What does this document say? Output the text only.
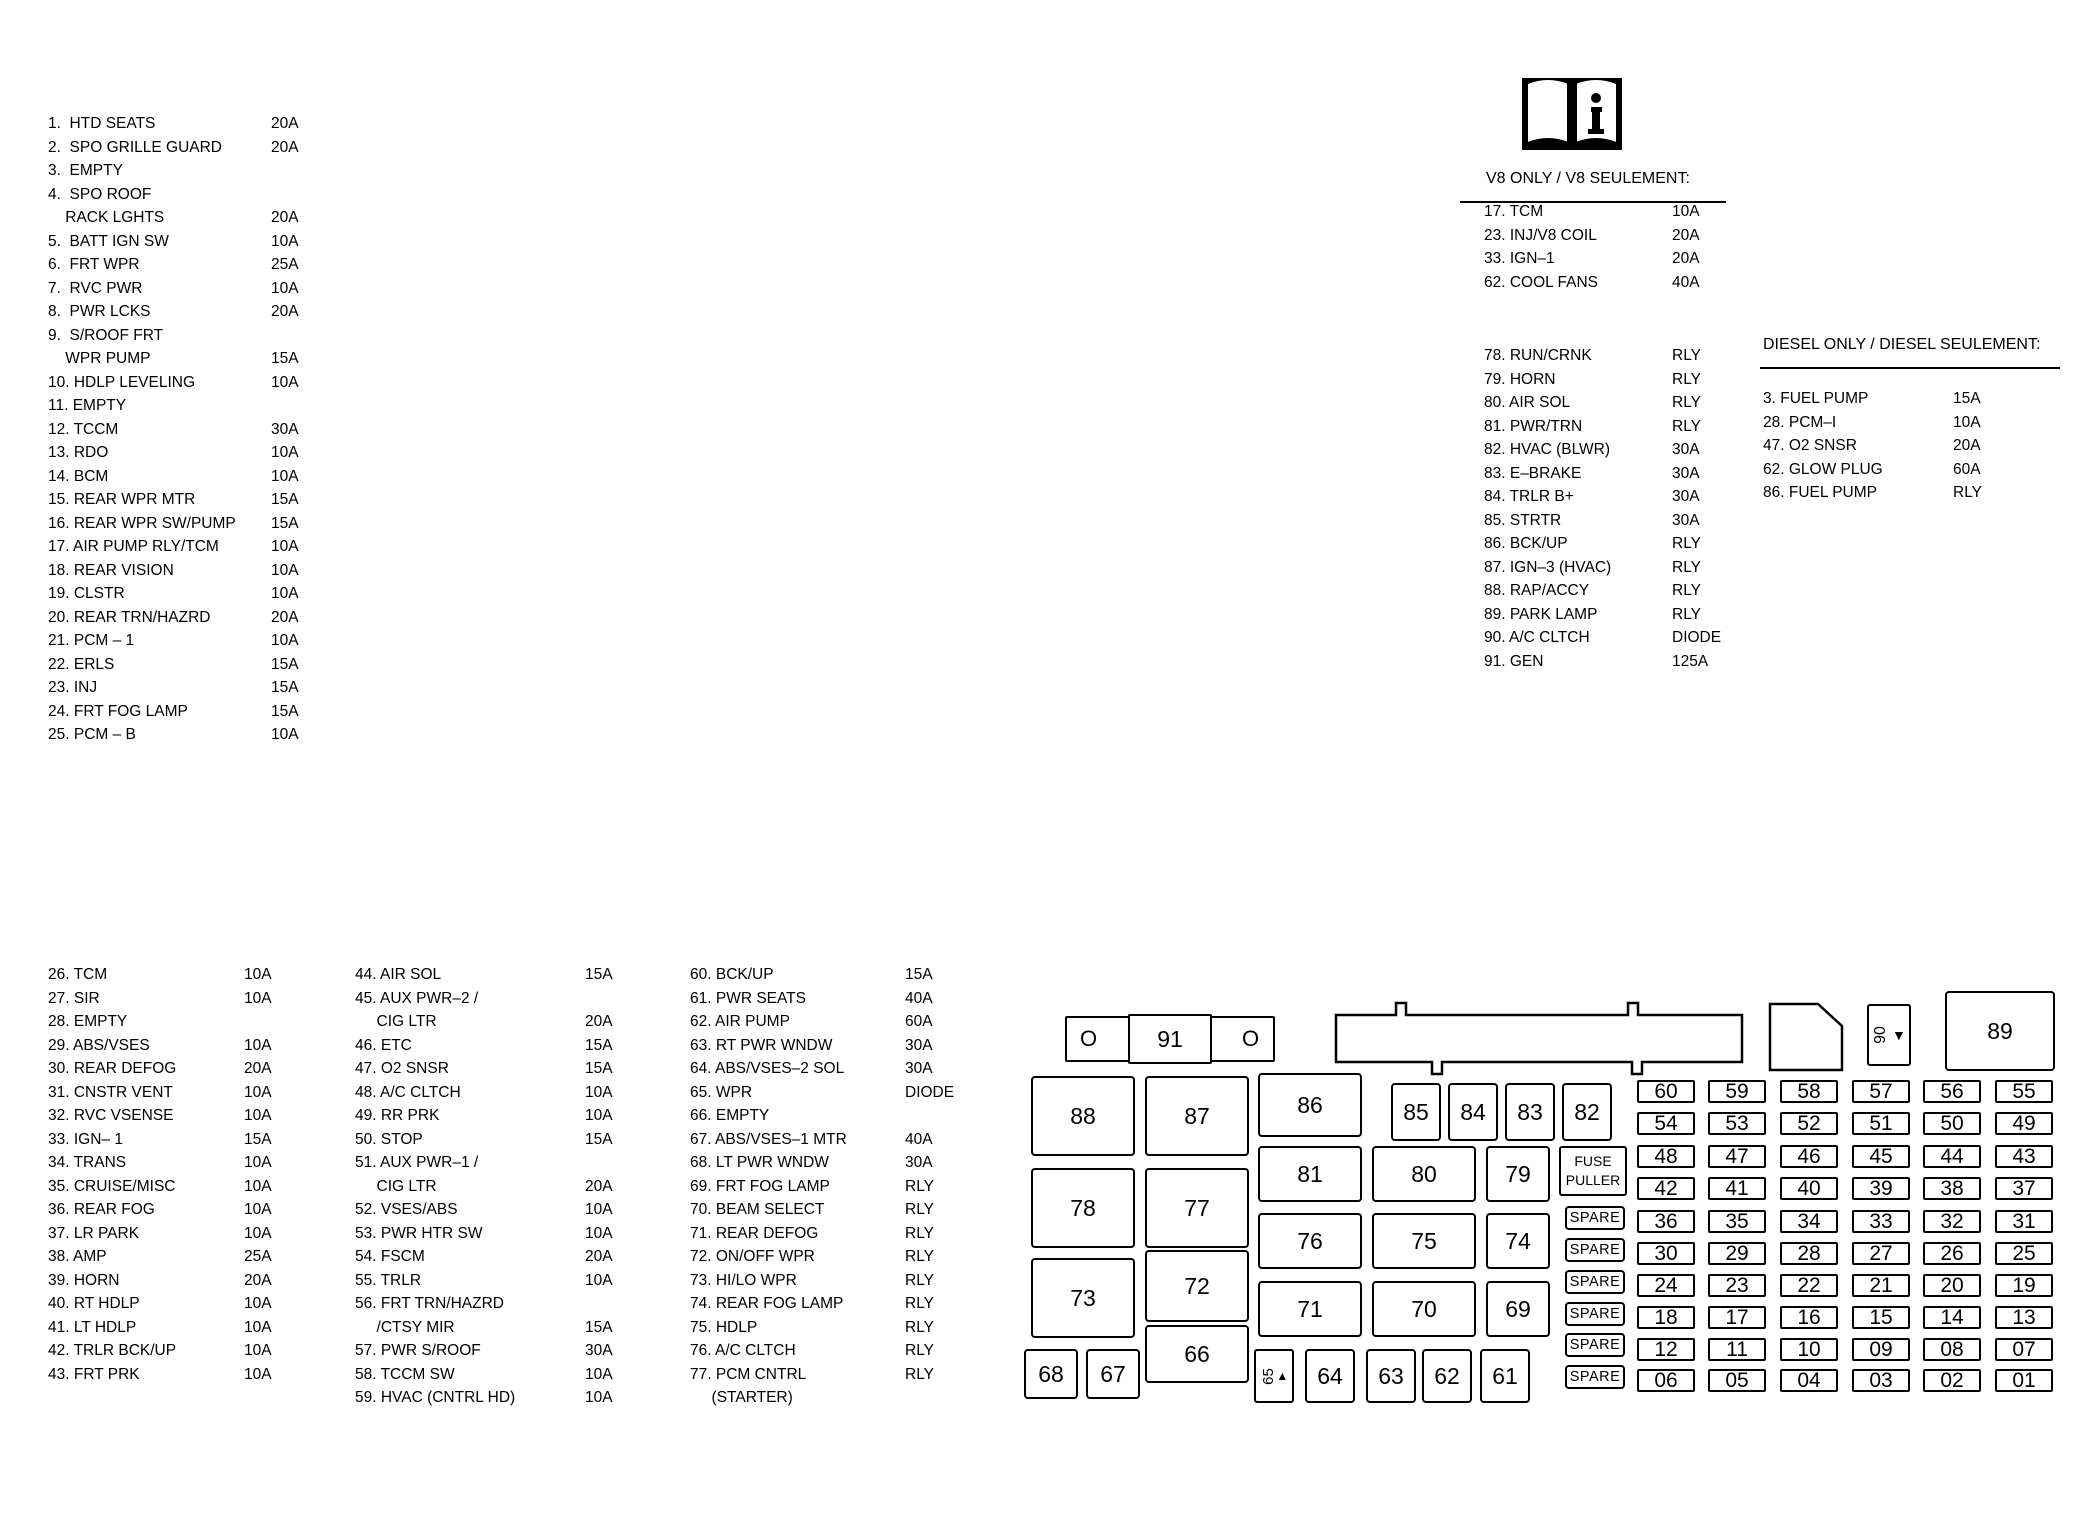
1.  HTD SEATS	20A
2.  SPO GRILLE GUARD	20A
3.  EMPTY
4.  SPO ROOF
RACK LGHTS	20A
5.  BATT IGN SW	10A
6.  FRT WPR	25A
7.  RVC PWR	10A
8.  PWR LCKS	20A
9.  S/ROOF FRT
WPR PUMP	15A
10. HDLP LEVELING	10A
11. EMPTY
12. TCCM	30A
13. RDO	10A
14. BCM	10A
15. REAR WPR MTR	15A
16. REAR WPR SW/PUMP 15A
17. AIR PUMP RLY/TCM	10A
18. REAR VISION	10A
19. CLSTR	10A
20. REAR TRN/HAZRD	20A
21. PCM – 1	10A
22. ERLS	15A
23. INJ	15A
24. FRT FOG LAMP	15A
25. PCM – B	10A
V8 ONLY / V8 SEULEMENT:
17. TCM	10A
23. INJ/V8 COIL	20A
33. IGN–1	20A
62. COOL FANS	40A
78. RUN/CRNK	RLY
79. HORN	RLY
80. AIR SOL	RLY
81. PWR/TRN	RLY
82. HVAC (BLWR)	30A
83. E–BRAKE	30A
84. TRLR B+	30A
85. STRTR	30A
86. BCK/UP	RLY
87. IGN–3 (HVAC)	RLY
88. RAP/ACCY	RLY
89. PARK LAMP	RLY
90. A/C CLTCH	DIODE
91. GEN	125A
DIESEL ONLY / DIESEL SEULEMENT:
3. FUEL PUMP	15A
28. PCM–I	10A
47. O2 SNSR	20A
62. GLOW PLUG	60A
86. FUEL PUMP	RLY
26. TCM	10A
27. SIR	10A
28. EMPTY
29. ABS/VSES	10A
30. REAR DEFOG	20A
31. CNSTR VENT	10A
32. RVC VSENSE	10A
33. IGN– 1	15A
34. TRANS	10A
35. CRUISE/MISC	10A
36. REAR FOG	10A
37. LR PARK	10A
38. AMP	25A
39. HORN	20A
40. RT HDLP	10A
41. LT HDLP	10A
42. TRLR BCK/UP	10A
43. FRT PRK	10A
44. AIR SOL	15A
45. AUX PWR–2 /
CIG LTR	20A
46. ETC	15A
47. O2 SNSR	15A
48. A/C CLTCH	10A
49. RR PRK	10A
50. STOP	15A
51. AUX PWR–1 /
CIG LTR	20A
52. VSES/ABS	10A
53. PWR HTR SW	10A
54. FSCM	20A
55. TRLR	10A
56. FRT TRN/HAZRD
/CTSY MIR	15A
57. PWR S/ROOF	30A
58. TCCM SW	10A
59. HVAC (CNTRL HD)	10A
60. BCK/UP	15A
61. PWR SEATS	40A
62. AIR PUMP	60A
63. RT PWR WNDW	30A
64. ABS/VSES–2 SOL	30A
65. WPR	DIODE
66. EMPTY
67. ABS/VSES–1 MTR	40A
68. LT PWR WNDW	30A
69. FRT FOG LAMP	RLY
70. BEAM SELECT	RLY
71. REAR DEFOG	RLY
72. ON/OFF WPR	RLY
73. HI/LO WPR	RLY
74. REAR FOG LAMP	RLY
75. HDLP	RLY
76. A/C CLTCH	RLY
77. PCM CNTRL	RLY
(STARTER)
91
O	O	90 ▼
88	87	86
78	77
81	80	79
76	75	74
73	72
71	70	69
66
68	67
85	84	83	82
64	63	62	61
89
65 ▲
FUSE
PULLER
SPARE
SPARE
SPARE
SPARE
SPARE
SPARE
60	59	58	57	56	55
54	53	52	51	50	49
48	47	46	45	44	43
42	41	40	39	38	37
36	35	34	33	32	31
30	29	28	27	26	25
24	23	22	21	20	19
18	17	16	15	14	13
12	11	10	09	08	07
06	05	04	03	02	01
